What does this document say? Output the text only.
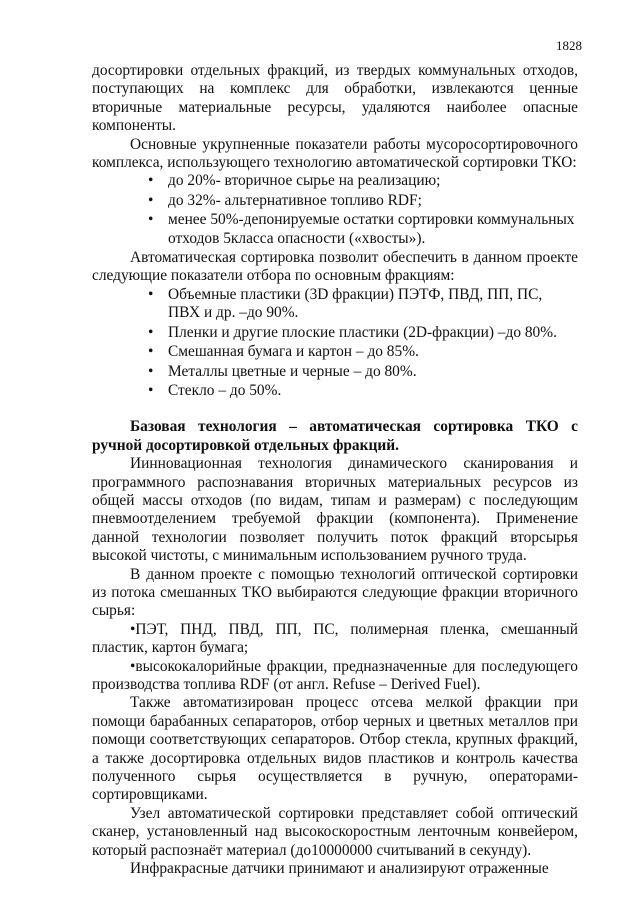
1828

досортировки отдельных фракций, из твердых коммунальных отходов, поступающих на комплекс для обработки, извлекаются ценные вторичные материальные ресурсы, удаляются наиболее опасные компоненты.

Основные укрупненные показатели работы мусоросортировочного комплекса, использующего технологию автоматической сортировки ТКО:

• до 20%- вторичное сырье на реализацию;
• до 32%- альтернативное топливо RDF;
• менее 50%-депонируемые остатки сортировки коммунальных отходов 5класса опасности («хвосты»).

Автоматическая сортировка позволит обеспечить в данном проекте следующие показатели отбора по основным фракциям:

• Объемные пластики (3D фракции) ПЭТФ, ПВД, ПП, ПС, ПВХ и др. –до 90%.
• Пленки и другие плоские пластики (2D-фракции) –до 80%.
• Смешанная бумага и картон – до 85%.
• Металлы цветные и черные – до 80%.
• Стекло – до 50%.

Базовая технология – автоматическая сортировка ТКО с ручной досортировкой отдельных фракций.

Иинновационная технология динамического сканирования и программного распознавания вторичных материальных ресурсов из общей массы отходов (по видам, типам и размерам) с последующим пневмоотделением требуемой фракции (компонента). Применение данной технологии позволяет получить поток фракций вторсырья высокой чистоты, с минимальным использованием ручного труда.

В данном проекте с помощью технологий оптической сортировки из потока смешанных ТКО выбираются следующие фракции вторичного сырья:

•ПЭТ, ПНД, ПВД, ПП, ПС, полимерная пленка, смешанный пластик, картон бумага;

•высококалорийные фракции, предназначенные для последующего производства топлива RDF (от англ. Refuse – Derived Fuel).

Также автоматизирован процесс отсева мелкой фракции при помощи барабанных сепараторов, отбор черных и цветных металлов при помощи соответствующих сепараторов. Отбор стекла, крупных фракций, а также досортировка отдельных видов пластиков и контроль качества полученного сырья осуществляется в ручную, операторами- сортировщиками.

Узел автоматической сортировки представляет собой оптический сканер, установленный над высокоскоростным ленточным конвейером, который распознаёт материал (до10000000 считываний в секунду).

Инфракрасные датчики принимают и анализируют отраженные
